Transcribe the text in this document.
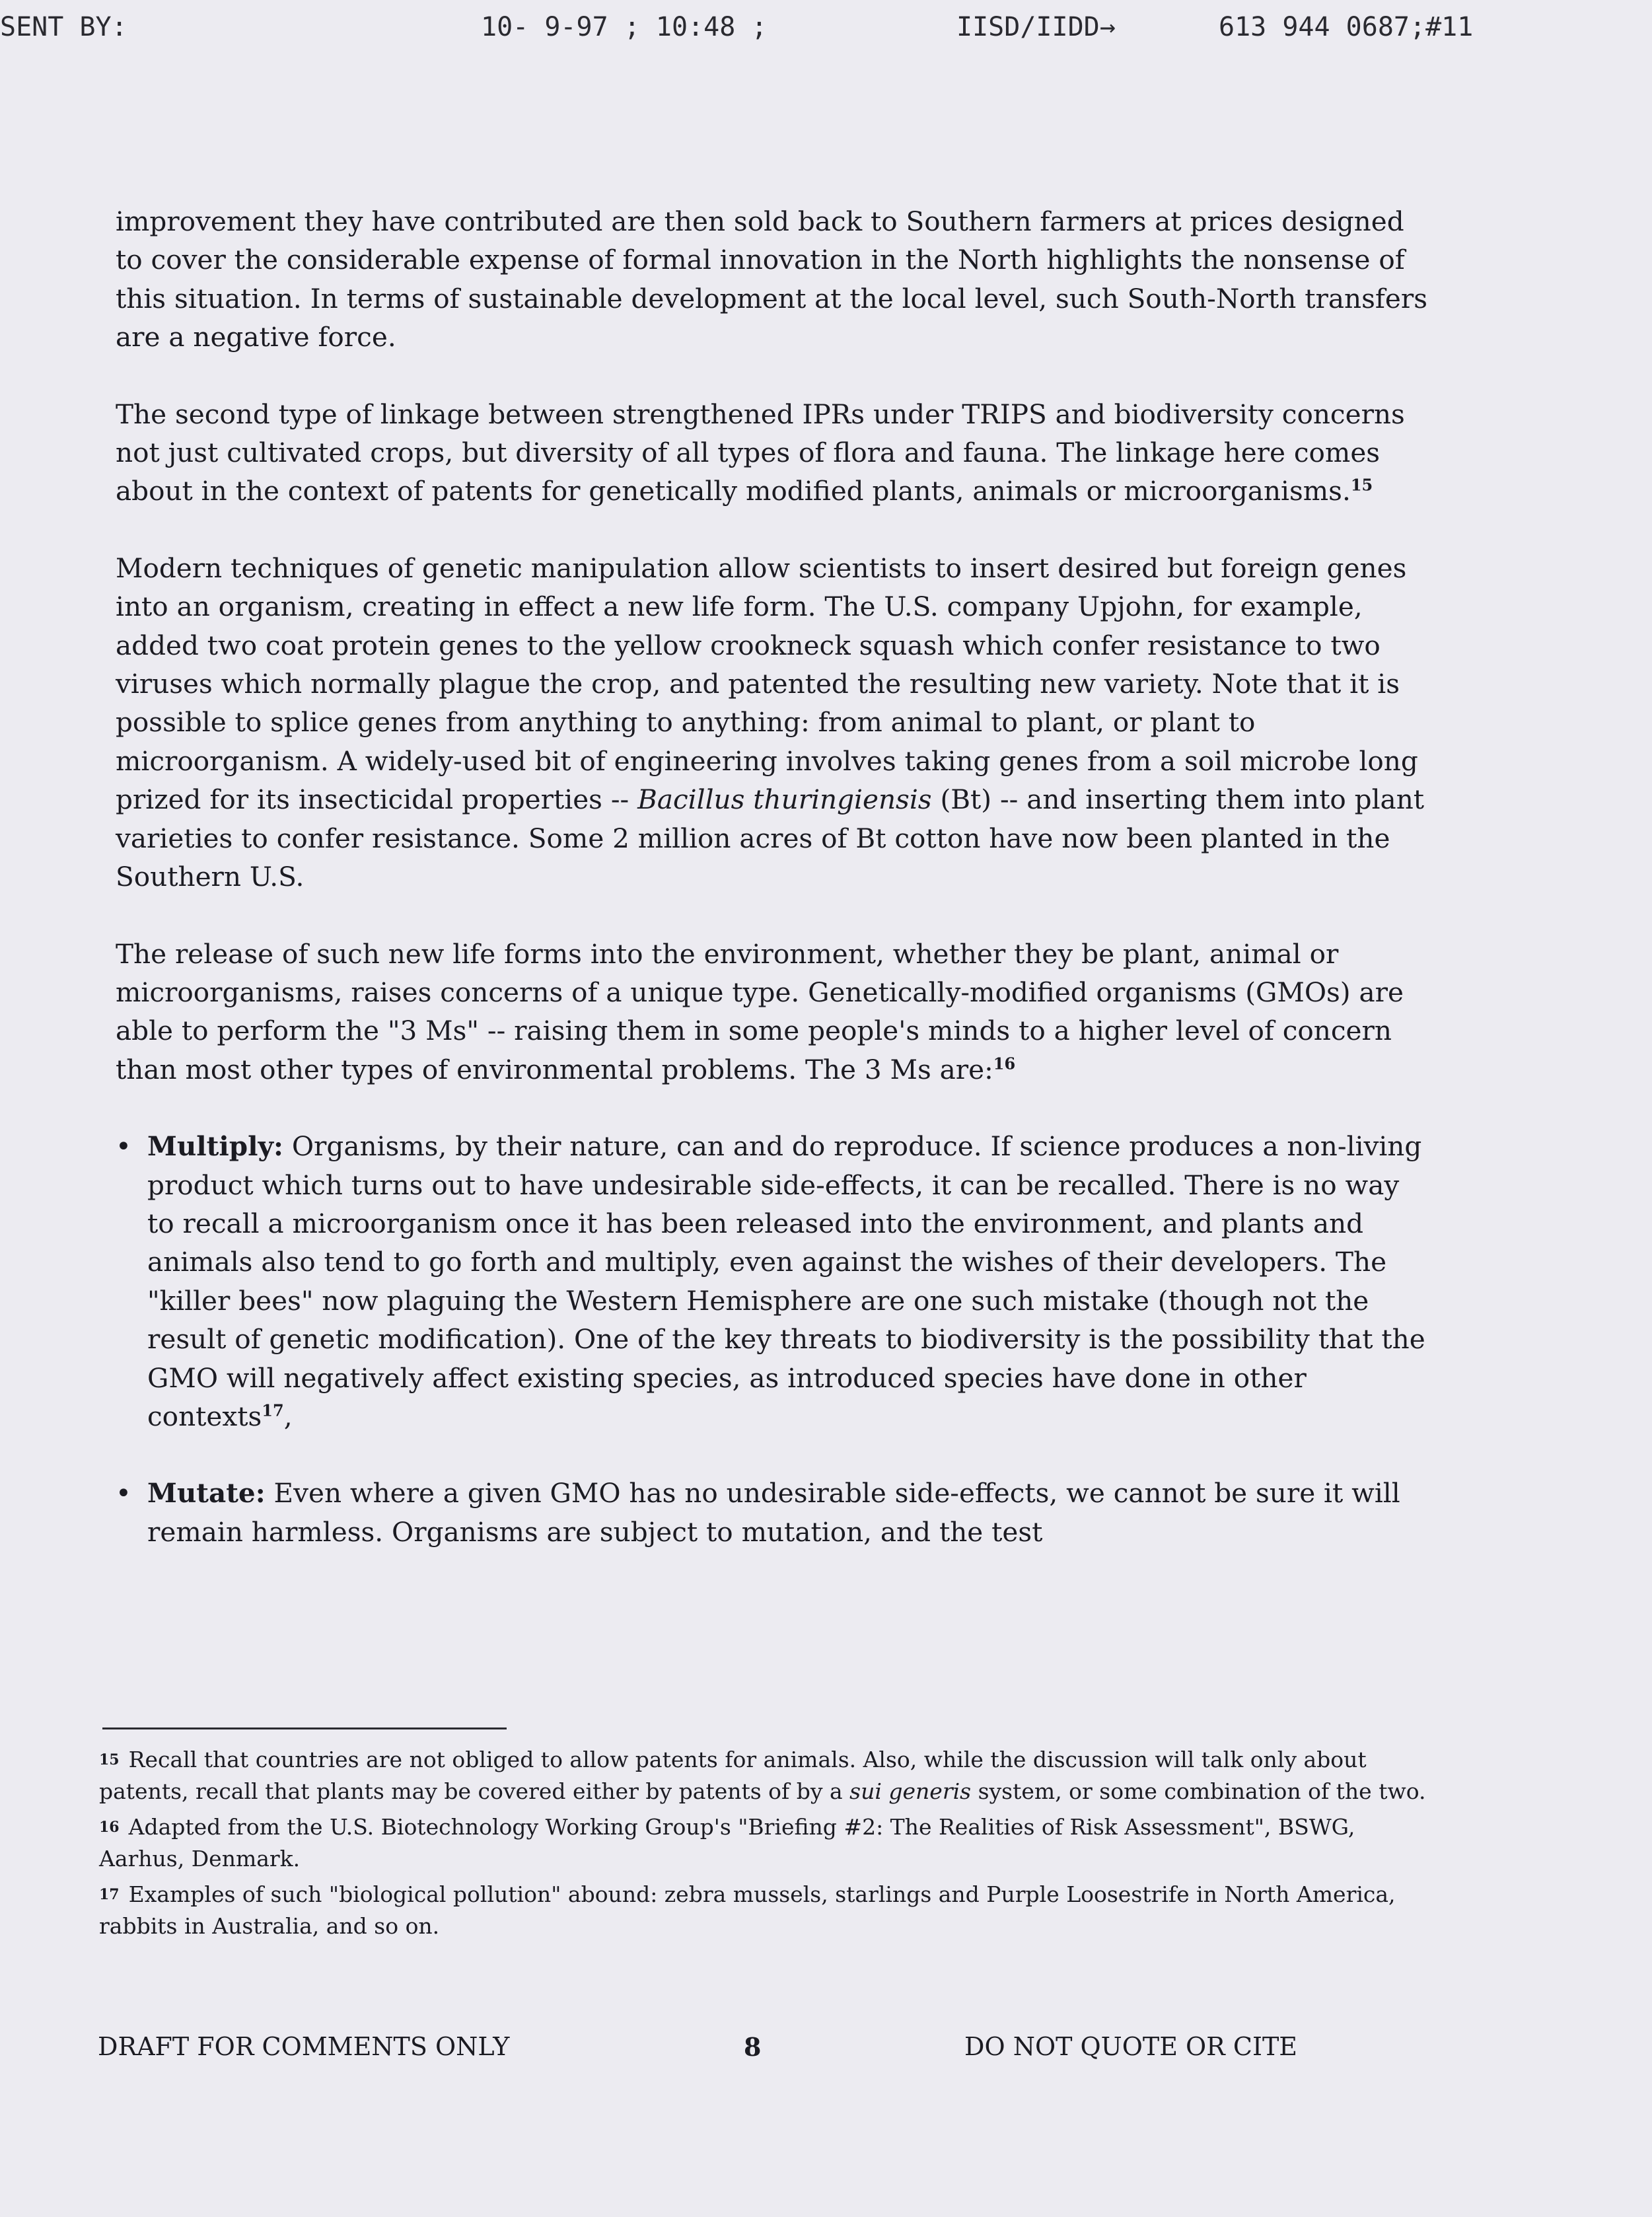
SENT BY:	10- 9-97 ; 10:48 ;	IISD/IIDD→	613 944 0687;#11

improvement they have contributed are then sold back to Southern farmers at prices designed to cover the considerable expense of formal innovation in the North highlights the nonsense of this situation. In terms of sustainable development at the local level, such South-North transfers are a negative force.

The second type of linkage between strengthened IPRs under TRIPS and biodiversity concerns not just cultivated crops, but diversity of all types of flora and fauna. The linkage here comes about in the context of patents for genetically modified plants, animals or microorganisms.$^{15}$

Modern techniques of genetic manipulation allow scientists to insert desired but foreign genes into an organism, creating in effect a new life form. The U.S. company Upjohn, for example, added two coat protein genes to the yellow crookneck squash which confer resistance to two viruses which normally plague the crop, and patented the resulting new variety. Note that it is possible to splice genes from anything to anything: from animal to plant, or plant to microorganism. A widely-used bit of engineering involves taking genes from a soil microbe long prized for its insecticidal properties -- Bacillus thuringiensis (Bt) -- and inserting them into plant varieties to confer resistance. Some 2 million acres of Bt cotton have now been planted in the Southern U.S.

The release of such new life forms into the environment, whether they be plant, animal or microorganisms, raises concerns of a unique type. Genetically-modified organisms (GMOs) are able to perform the "3 Ms" -- raising them in some people's minds to a higher level of concern than most other types of environmental problems. The 3 Ms are:$^{16}$

• Multiply: Organisms, by their nature, can and do reproduce. If science produces a non-living product which turns out to have undesirable side-effects, it can be recalled. There is no way to recall a microorganism once it has been released into the environment, and plants and animals also tend to go forth and multiply, even against the wishes of their developers. The "killer bees" now plaguing the Western Hemisphere are one such mistake (though not the result of genetic modification). One of the key threats to biodiversity is the possibility that the GMO will negatively affect existing species, as introduced species have done in other contexts$^{17}$,
• Mutate: Even where a given GMO has no undesirable side-effects, we cannot be sure it will remain harmless. Organisms are subject to mutation, and the test
$^{15}$ Recall that countries are not obliged to allow patents for animals. Also, while the discussion will talk only about patents, recall that plants may be covered either by patents of by a sui generis system, or some combination of the two.
$^{16}$ Adapted from the U.S. Biotechnology Working Group's "Briefing #2: The Realities of Risk Assessment", BSWG, Aarhus, Denmark.
$^{17}$ Examples of such "biological pollution" abound: zebra mussels, starlings and Purple Loosestrife in North America, rabbits in Australia, and so on.
DRAFT FOR COMMENTS ONLY	8	DO NOT QUOTE OR CITE
